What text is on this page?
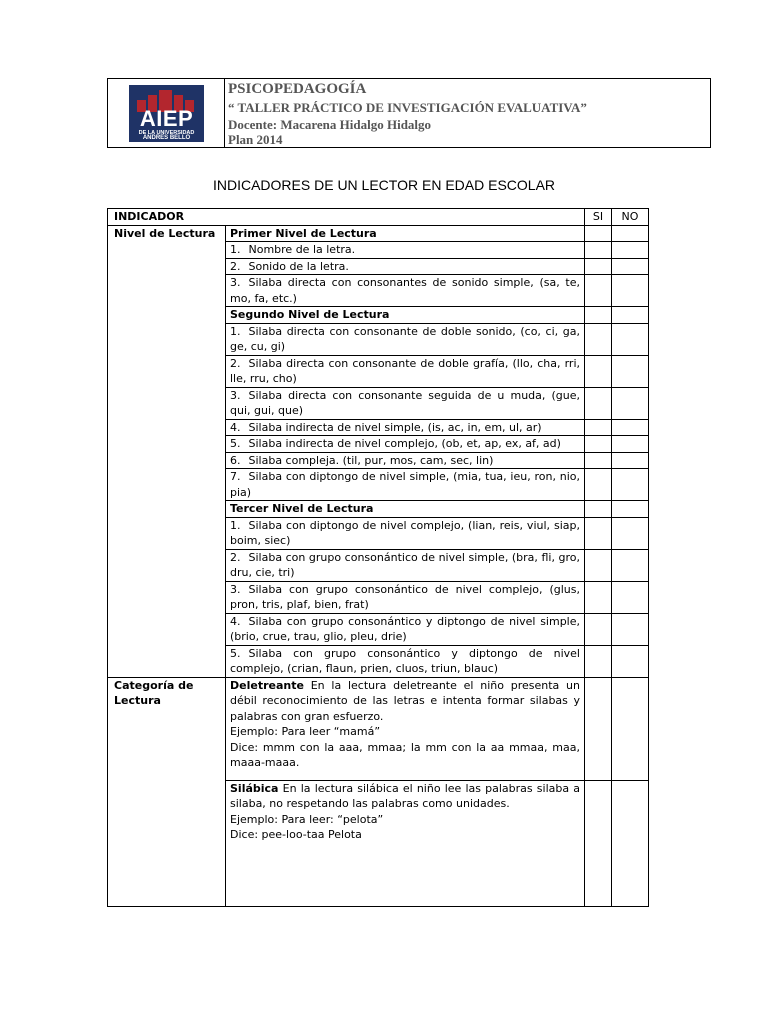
AIEP
DE LA UNIVERSIDAD
ANDRES BELLO
PSICOPEDAGOGÍA
“ TALLER PRÁCTICO DE INVESTIGACIÓN EVALUATIVA”
Docente: Macarena Hidalgo Hidalgo
Plan 2014
INDICADORES DE UN LECTOR EN EDAD ESCOLAR
INDICADOR		SI	NO
Nivel de Lectura	Primer Nivel de Lectura		
	1. Nombre de la letra.		
	2. Sonido de la letra.		
	3. Silaba directa con consonantes de sonido simple, (sa, te, mo, fa, etc.)		
	Segundo Nivel de Lectura		
	1. Silaba directa con consonante de doble sonido, (co, ci, ga, ge, cu, gi)		
	2. Silaba directa con consonante de doble grafía, (llo, cha, rri, lle, rru, cho)		
	3. Silaba directa con consonante seguida de u muda, (gue, qui, gui, que)		
	4. Silaba indirecta de nivel simple, (is, ac, in, em, ul, ar)		
	5. Silaba indirecta de nivel complejo, (ob, et, ap, ex, af, ad)		
	6. Silaba compleja. (til, pur, mos, cam, sec, lin)		
	7. Silaba con diptongo de nivel simple, (mia, tua, ieu, ron, nio, pia)		
	Tercer Nivel de Lectura		
	1. Silaba con diptongo de nivel complejo, (lian, reis, viul, siap, boim, siec)		
	2. Silaba con grupo consonántico de nivel simple, (bra, fli, gro, dru, cie, tri)		
	3. Silaba con grupo consonántico de nivel complejo, (glus, pron, tris, plaf, bien, frat)		
	4. Silaba con grupo consonántico y diptongo de nivel simple, (brio, crue, trau, glio, pleu, drie)		
	5. Silaba con grupo consonántico y diptongo de nivel complejo, (crian, flaun, prien, cluos, triun, blauc)		
Categoría de Lectura	Deletreante En la lectura deletreante el niño presenta un débil reconocimiento de las letras e intenta formar silabas y palabras con gran esfuerzo.
Ejemplo: Para leer “mamá”
Dice: mmm con la aaa, mmaa; la mm con la aa mmaa, maa, maaa-maaa.		
	Silábica En la lectura silábica el niño lee las palabras silaba a silaba, no respetando las palabras como unidades.
Ejemplo: Para leer: “pelota”
Dice: pee-loo-taa Pelota		
